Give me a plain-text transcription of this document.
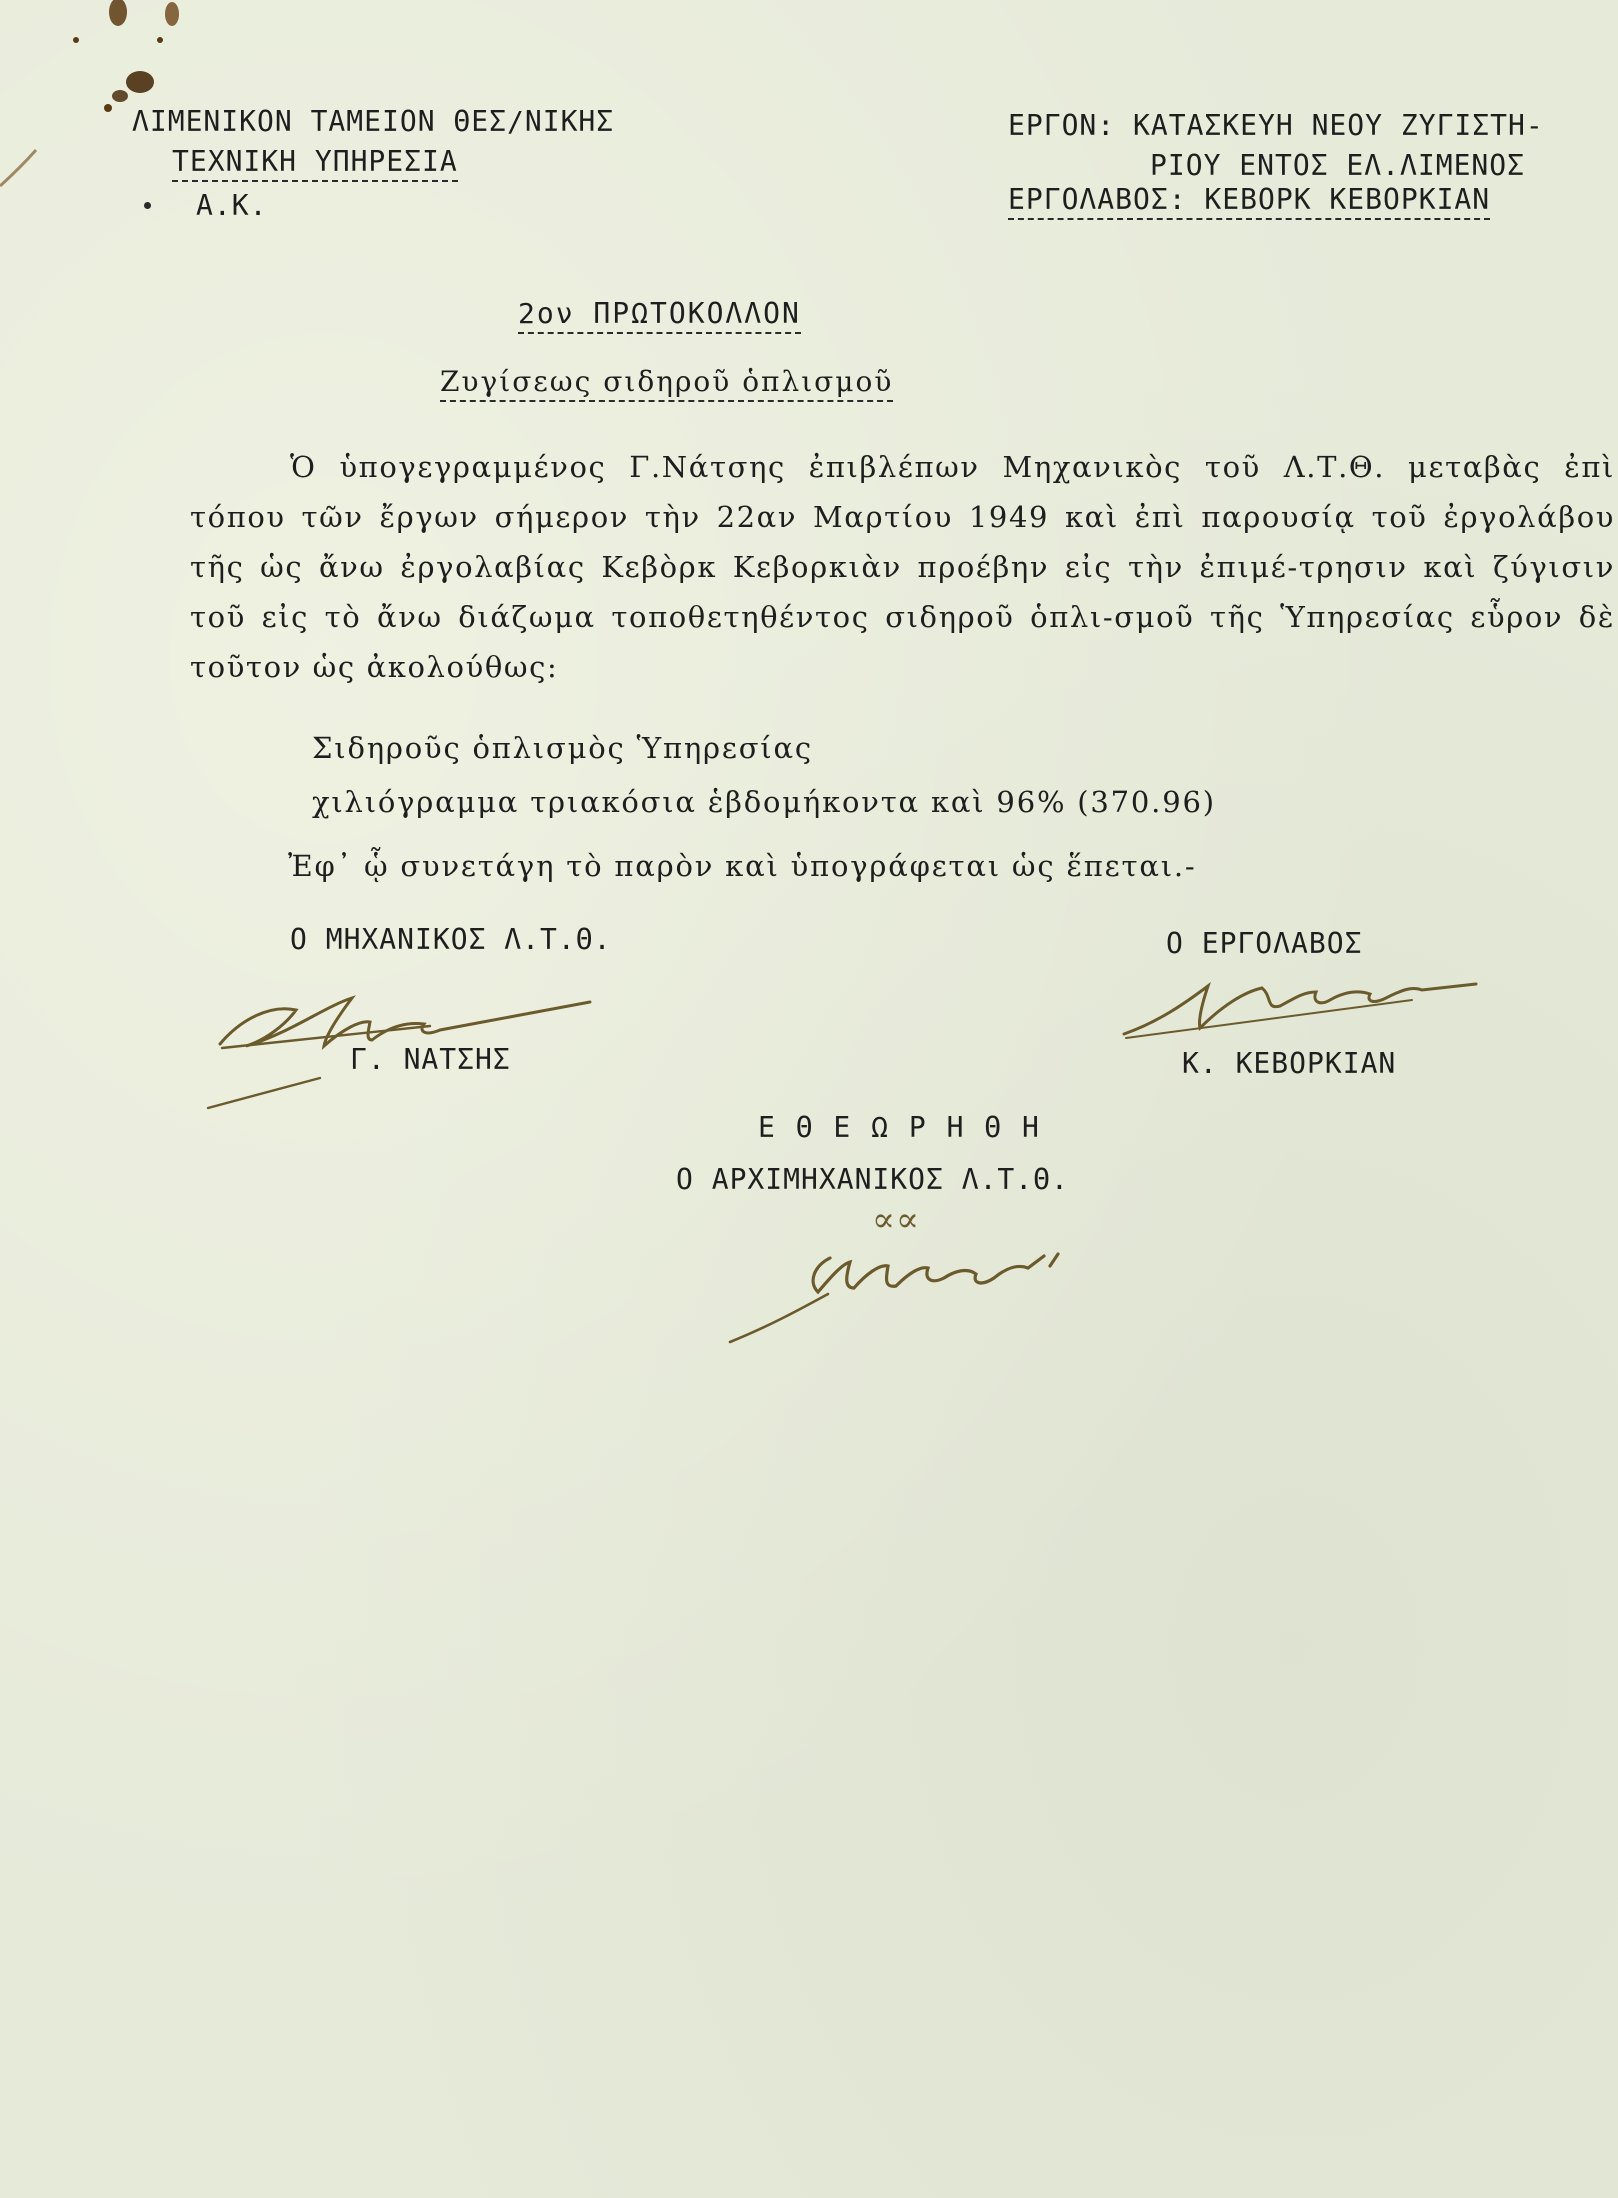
ΛΙΜΕΝΙΚΟΝ ΤΑΜΕΙΟΝ ΘΕΣ/ΝΙΚΗΣ
ΤΕΧΝΙΚΗ ΥΠΗΡΕΣΙΑ
Α.Κ.
ΕΡΓΟΝ: ΚΑΤΑΣΚΕΥΗ ΝΕΟΥ ΖΥΓΙΣΤΗ-
ΡΙΟΥ ΕΝΤΟΣ ΕΛ.ΛΙΜΕΝΟΣ
ΕΡΓΟΛΑΒΟΣ: ΚΕΒΟΡΚ ΚΕΒΟΡΚΙΑΝ
2ον ΠΡΩΤΟΚΟΛΛΟΝ
Ζυγίσεως σιδηροῦ ὁπλισμοῦ
Ὁ ὑπογεγραμμένος Γ.Νάτσης ἐπιβλέπων Μηχανικὸς τοῦ Λ.Τ.Θ. μεταβὰς ἐπὶ τόπου τῶν ἔργων σήμερον τὴν 22αν Μαρτίου 1949 καὶ ἐπὶ παρουσίᾳ τοῦ ἐργολάβου τῆς ὡς ἄνω ἐργολαβίας Κεβὸρκ Κεβορκιὰν προέβην εἰς τὴν ἐπιμέ-τρησιν καὶ ζύγισιν τοῦ εἰς τὸ ἄνω διάζωμα τοποθετηθέντος σιδηροῦ ὁπλι-σμοῦ τῆς Ὑπηρεσίας εὗρον δὲ τοῦτον ὡς ἀκολούθως:
Σιδηροῦς ὁπλισμὸς Ὑπηρεσίας
χιλιόγραμμα τριακόσια ἑβδομήκοντα καὶ 96% (370.96)
Ἐφ᾽ ᾧ συνετάγη τὸ παρὸν καὶ ὑπογράφεται ὡς ἕπεται.-
Ο ΜΗΧΑΝΙΚΟΣ Λ.Τ.Θ.	Ο ΕΡΓΟΛΑΒΟΣ
Γ. ΝΑΤΣΗΣ	Κ. ΚΕΒΟΡΚΙΑΝ
Ε Θ Ε Ω Ρ Η Θ Η
Ο ΑΡΧΙΜΗΧΑΝΙΚΟΣ Λ.Τ.Θ.
∝∝
